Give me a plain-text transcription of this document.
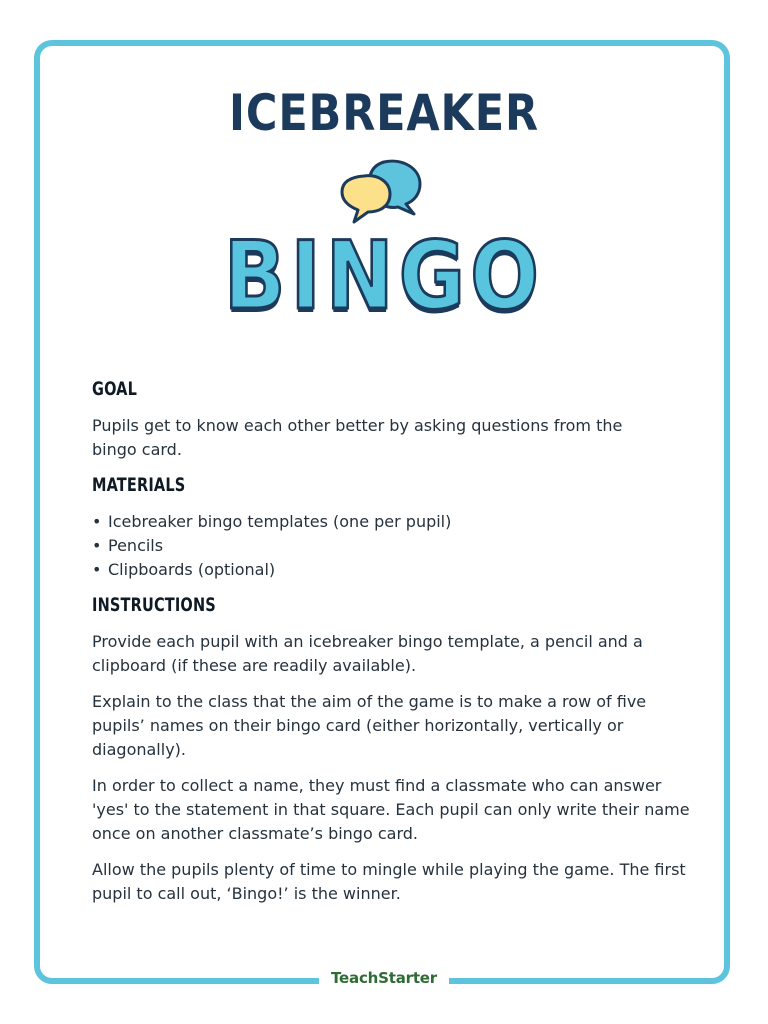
ICEBREAKER
BINGO
GOAL

Pupils get to know each other better by asking questions from the bingo card.

MATERIALS
• Icebreaker bingo templates (one per pupil)
• Pencils
• Clipboards (optional)
INSTRUCTIONS

Provide each pupil with an icebreaker bingo template, a pencil and a clipboard (if these are readily available).

Explain to the class that the aim of the game is to make a row of five pupils’ names on their bingo card (either horizontally, vertically or diagonally).

In order to collect a name, they must find a classmate who can answer 'yes' to the statement in that square. Each pupil can only write their name once on another classmate’s bingo card.

Allow the pupils plenty of time to mingle while playing the game. The first pupil to call out, ‘Bingo!’ is the winner.

TeachStarter
